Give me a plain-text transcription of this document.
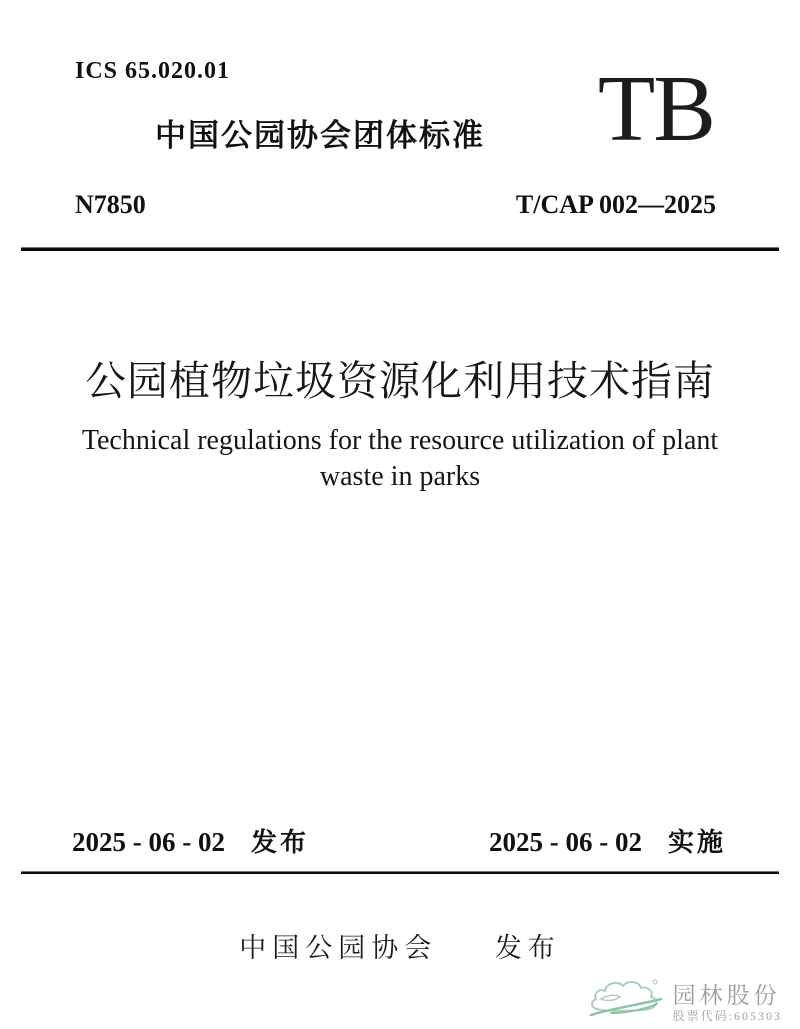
ICS 65.020.01
中国公园协会团体标准	TB
N7850	T/CAP 002—2025
公园植物垃圾资源化利用技术指南
Technical regulations for the resource utilization of plant
waste in parks
2025 - 06 - 02 发布	2025 - 06 - 02 实施
中国公园协会 发布
园林股份
股票代码:605303
